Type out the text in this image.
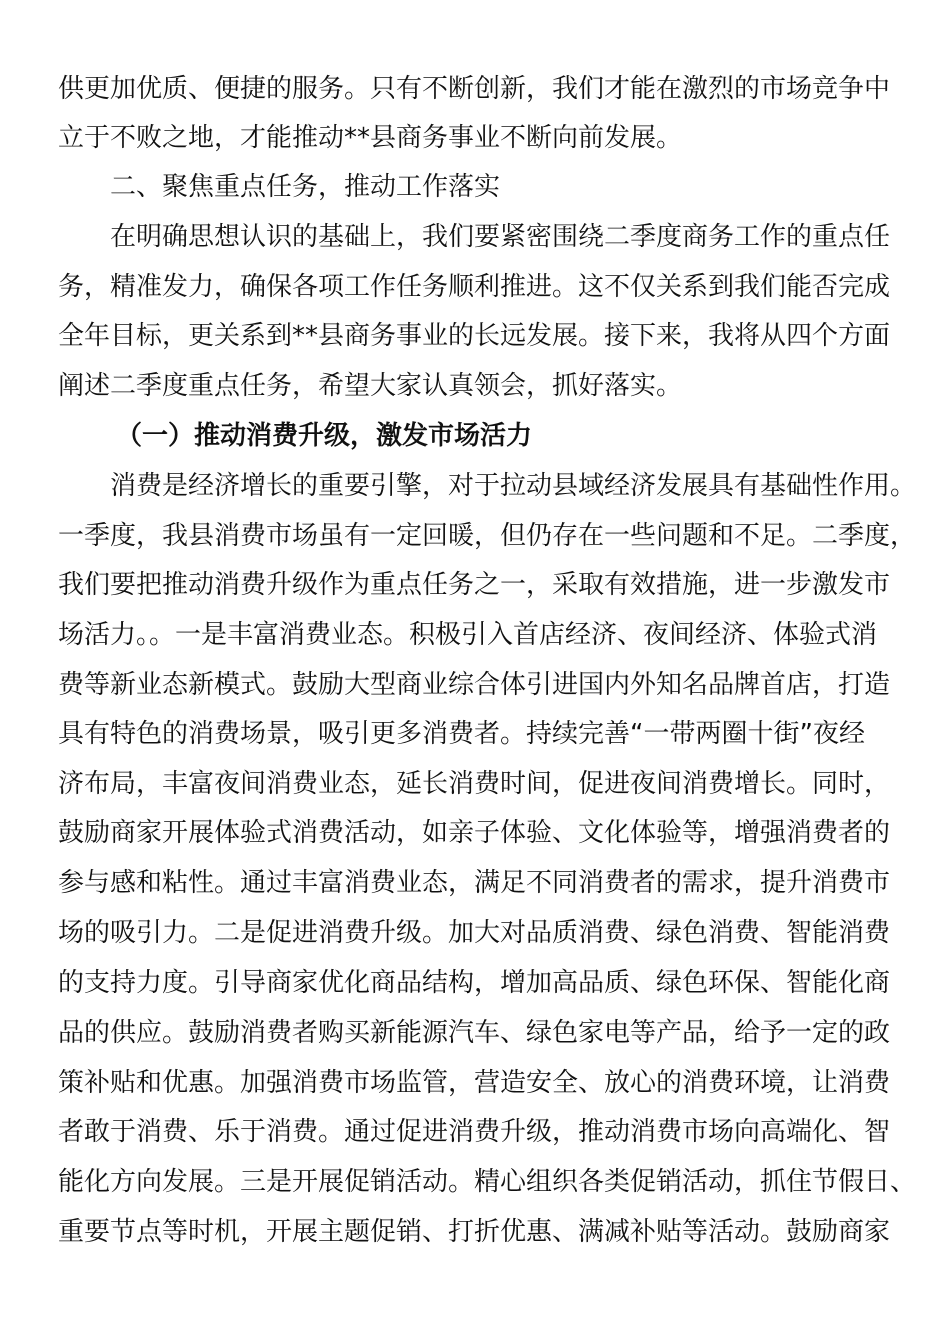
供更加优质、便捷的服务。只有不断创新，我们才能在激烈的市场竞争中
立于不败之地，才能推动**县商务事业不断向前发展。
二、聚焦重点任务，推动工作落实
在明确思想认识的基础上，我们要紧密围绕二季度商务工作的重点任
务，精准发力，确保各项工作任务顺利推进。这不仅关系到我们能否完成
全年目标，更关系到**县商务事业的长远发展。接下来，我将从四个方面
阐述二季度重点任务，希望大家认真领会，抓好落实。
（一）推动消费升级，激发市场活力
消费是经济增长的重要引擎，对于拉动县域经济发展具有基础性作用。
一季度，我县消费市场虽有一定回暖，但仍存在一些问题和不足。二季度，
我们要把推动消费升级作为重点任务之一，采取有效措施，进一步激发市
场活力。。一是丰富消费业态。积极引入首店经济、夜间经济、体验式消
费等新业态新模式。鼓励大型商业综合体引进国内外知名品牌首店，打造
具有特色的消费场景，吸引更多消费者。持续完善“一带两圈十街”夜经
济布局，丰富夜间消费业态，延长消费时间，促进夜间消费增长。同时，
鼓励商家开展体验式消费活动，如亲子体验、文化体验等，增强消费者的
参与感和粘性。通过丰富消费业态，满足不同消费者的需求，提升消费市
场的吸引力。二是促进消费升级。加大对品质消费、绿色消费、智能消费
的支持力度。引导商家优化商品结构，增加高品质、绿色环保、智能化商
品的供应。鼓励消费者购买新能源汽车、绿色家电等产品，给予一定的政
策补贴和优惠。加强消费市场监管，营造安全、放心的消费环境，让消费
者敢于消费、乐于消费。通过促进消费升级，推动消费市场向高端化、智
能化方向发展。三是开展促销活动。精心组织各类促销活动，抓住节假日、
重要节点等时机，开展主题促销、打折优惠、满减补贴等活动。鼓励商家
